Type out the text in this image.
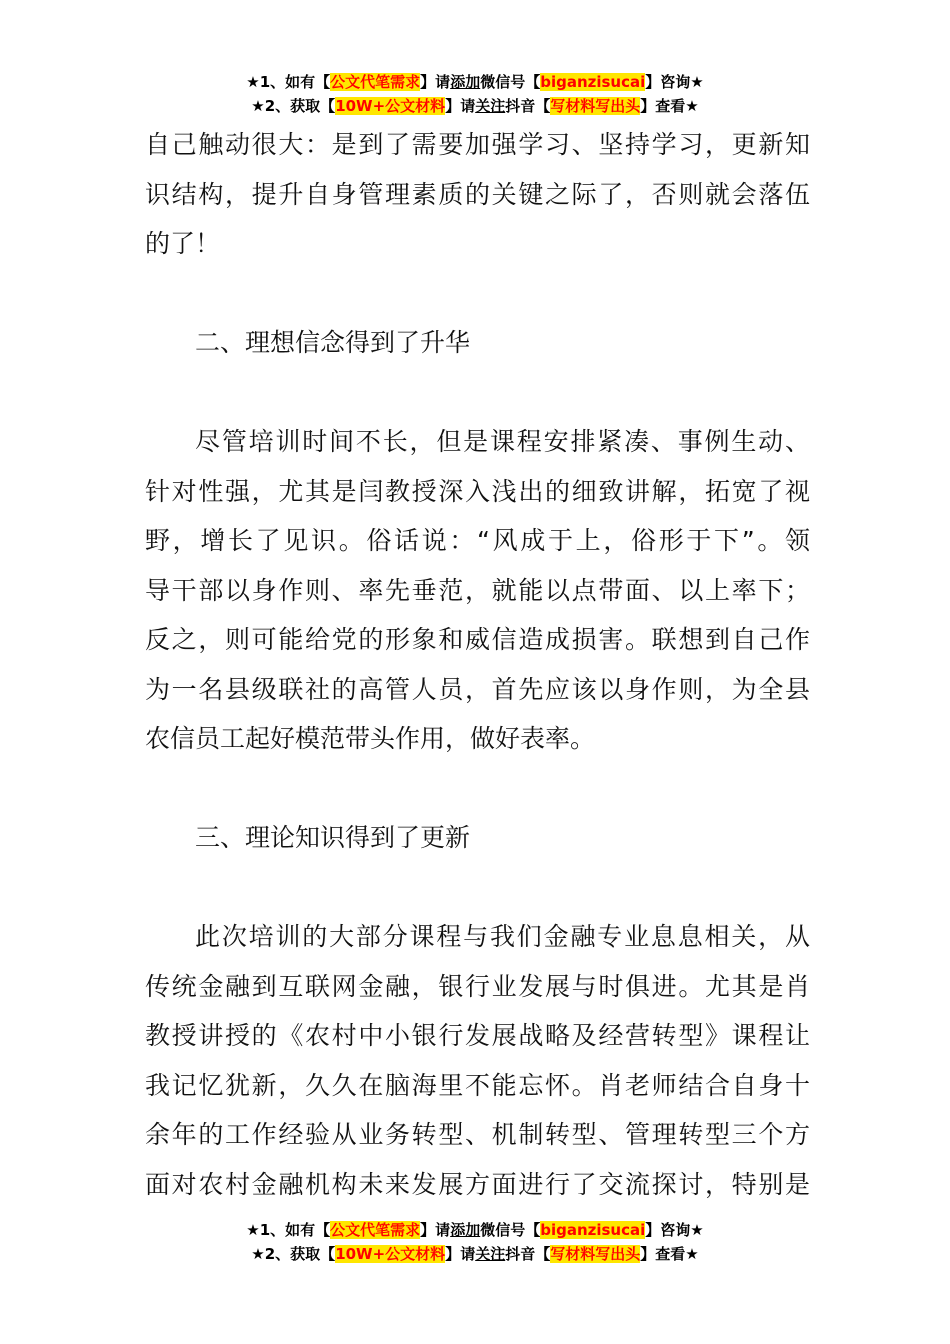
★1、如有【公文代笔需求】请添加微信号【biganzisucai】咨询★
★2、获取【10W+公文材料】请关注抖音【写材料写出头】查看★
自己触动很大：是到了需要加强学习、坚持学习，更新知
识结构，提升自身管理素质的关键之际了，否则就会落伍
的了！
二、理想信念得到了升华
尽管培训时间不长，但是课程安排紧凑、事例生动、
针对性强，尤其是闫教授深入浅出的细致讲解，拓宽了视
野，增长了见识。俗话说：“风成于上，俗形于下”。领
导干部以身作则、率先垂范，就能以点带面、以上率下；
反之，则可能给党的形象和威信造成损害。联想到自己作
为一名县级联社的高管人员，首先应该以身作则，为全县
农信员工起好模范带头作用，做好表率。
三、理论知识得到了更新
此次培训的大部分课程与我们金融专业息息相关，从
传统金融到互联网金融，银行业发展与时俱进。尤其是肖
教授讲授的《农村中小银行发展战略及经营转型》课程让
我记忆犹新，久久在脑海里不能忘怀。肖老师结合自身十
余年的工作经验从业务转型、机制转型、管理转型三个方
面对农村金融机构未来发展方面进行了交流探讨，特别是
★1、如有【公文代笔需求】请添加微信号【biganzisucai】咨询★
★2、获取【10W+公文材料】请关注抖音【写材料写出头】查看★
